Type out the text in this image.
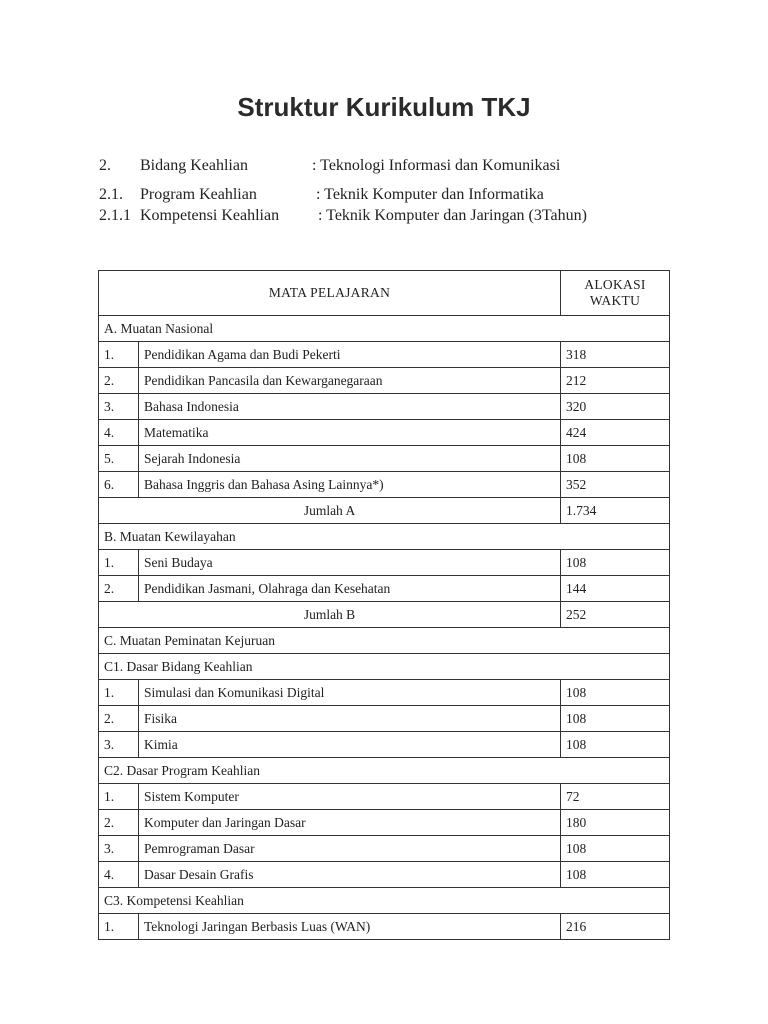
Struktur Kurikulum TKJ
2. Bidang Keahlian	: Teknologi Informasi dan Komunikasi
2.1. Program Keahlian	: Teknik Komputer dan Informatika
2.1.1 Kompetensi Keahlian : Teknik Komputer dan Jaringan (3Tahun)
MATA PELAJARAN		ALOKASI
WAKTU
A. Muatan Nasional		
1.	Pendidikan Agama dan Budi Pekerti	318
2.	Pendidikan Pancasila dan Kewarganegaraan	212
3.	Bahasa Indonesia	320
4.	Matematika	424
5.	Sejarah Indonesia	108
6.	Bahasa Inggris dan Bahasa Asing Lainnya*)	352
Jumlah A		1.734
B. Muatan Kewilayahan		
1.	Seni Budaya	108
2.	Pendidikan Jasmani, Olahraga dan Kesehatan	144
Jumlah B		252
C. Muatan Peminatan Kejuruan		
C1. Dasar Bidang Keahlian		
1.	Simulasi dan Komunikasi Digital	108
2.	Fisika	108
3.	Kimia	108
C2. Dasar Program Keahlian		
1.	Sistem Komputer	72
2.	Komputer dan Jaringan Dasar	180
3.	Pemrograman Dasar	108
4.	Dasar Desain Grafis	108
C3. Kompetensi Keahlian		
1.	Teknologi Jaringan Berbasis Luas (WAN)	216
